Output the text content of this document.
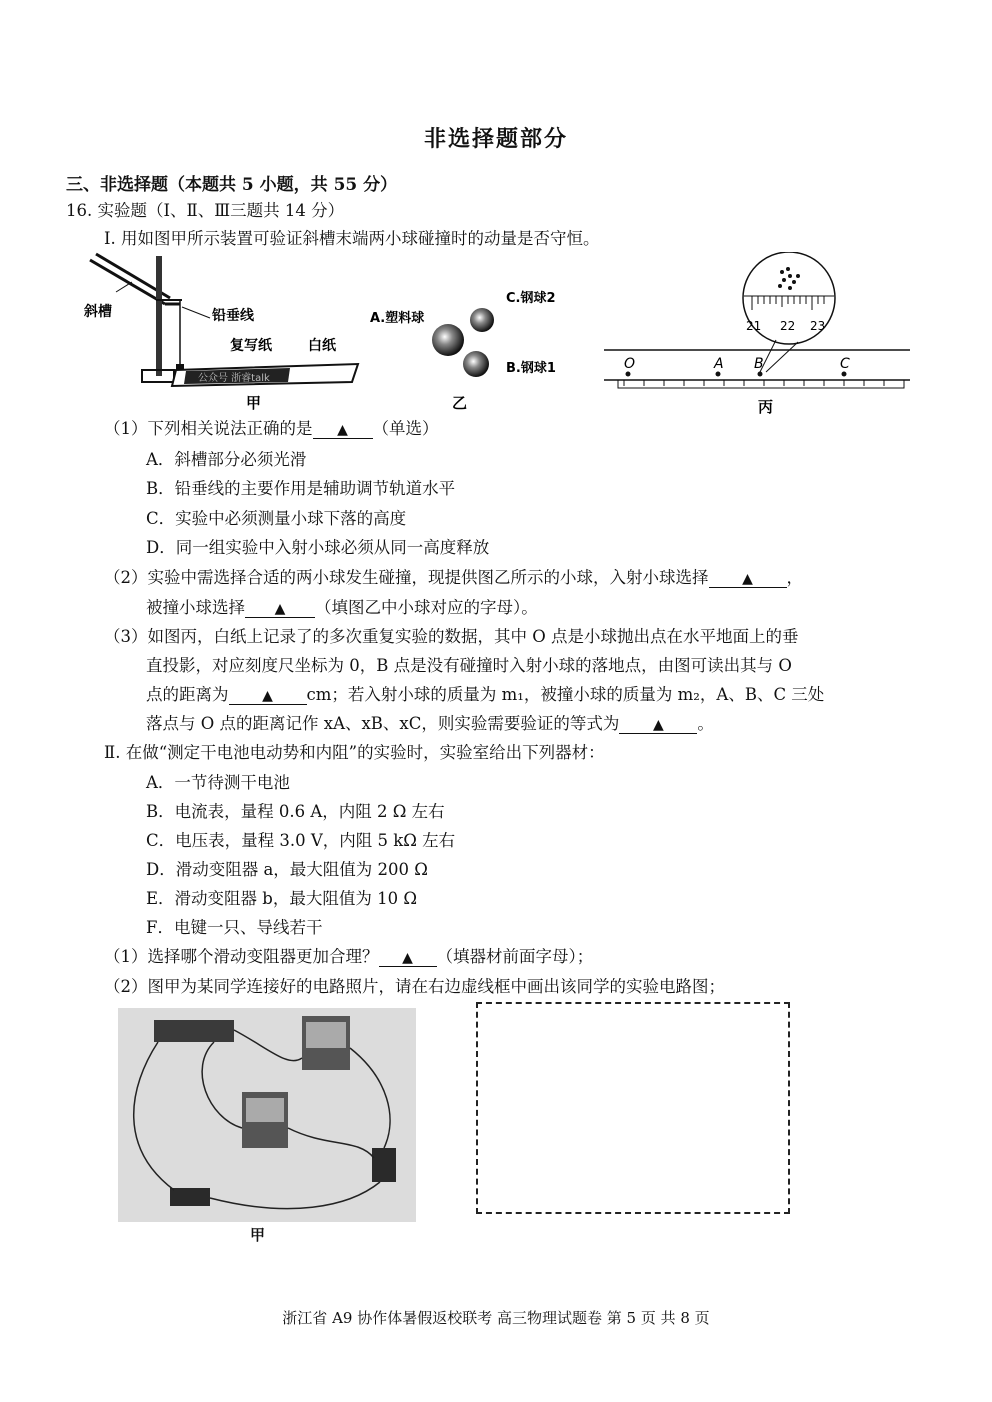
非选择题部分
三、非选择题（本题共 5 小题，共 55 分）
16. 实验题（Ⅰ、Ⅱ、Ⅲ三题共 14 分）
Ⅰ. 用如图甲所示装置可验证斜槽末端两小球碰撞时的动量是否守恒。
斜槽	铅垂线
复写纸	白纸
公众号 浙睿talk
甲
A.塑料球
C.钢球2
B.钢球1
乙
21 22 23
O	A B	C
丙
（1）下列相关说法正确的是 ▲ （单选）
A．斜槽部分必须光滑
B．铅垂线的主要作用是辅助调节轨道水平
C．实验中必须测量小球下落的高度
D．同一组实验中入射小球必须从同一高度释放
（2）实验中需选择合适的两小球发生碰撞，现提供图乙所示的小球，入射小球选择 ▲ ，
被撞小球选择 ▲ （填图乙中小球对应的字母）。
（3）如图丙，白纸上记录了的多次重复实验的数据，其中 O 点是小球抛出点在水平地面上的垂
直投影，对应刻度尺坐标为 0，B 点是没有碰撞时入射小球的落地点，由图可读出其与 O
点的距离为 ▲ cm；若入射小球的质量为 m₁，被撞小球的质量为 m₂，A、B、C 三处
落点与 O 点的距离记作 xA、xB、xC，则实验需要验证的等式为 ▲ 。
Ⅱ. 在做“测定干电池电动势和内阻”的实验时，实验室给出下列器材：
A．一节待测干电池
B．电流表，量程 0.6 A，内阻 2 Ω 左右
C．电压表，量程 3.0 V，内阻 5 kΩ 左右
D．滑动变阻器 a，最大阻值为 200 Ω
E．滑动变阻器 b，最大阻值为 10 Ω
F．电键一只、导线若干
（1）选择哪个滑动变阻器更加合理？ ▲ （填器材前面字母）；
（2）图甲为某同学连接好的电路照片，请在右边虚线框中画出该同学的实验电路图；
甲
浙江省 A9 协作体暑假返校联考 高三物理试题卷 第 5 页 共 8 页
